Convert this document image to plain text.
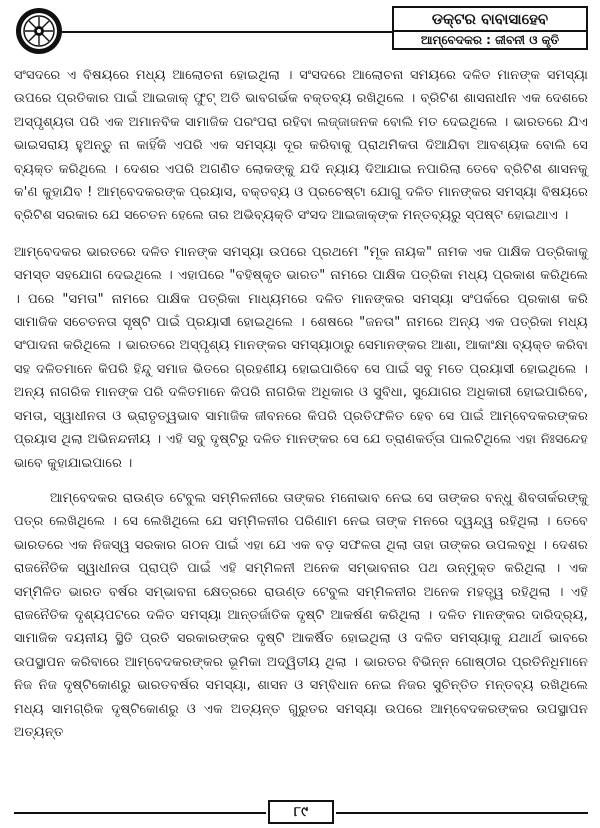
ଡକ୍ଟର ବାବାସାହେବ
ଆମ୍ବେଦକର : ଜୀବନୀ ଓ କୃତି

ସଂସଦରେ ଏ ବିଷୟରେ ମଧ୍ୟ ଆଲୋଚନା ହୋଇଥିଲା । ସଂସଦରେ ଆଲୋଚନା ସମୟରେ ଦଳିତ ମାନଙ୍କ ସମସ୍ୟା ଉପରେ ପ୍ରତିକାର ପାଇଁ ଆଇଜାକ୍ ଫୁଟ୍ ଅତି ଭାବଗର୍ଭକ ବକ୍ତବ୍ୟ ରଖିଥିଲେ । ବ୍ରିଟିଶ ଶାସନାଧୀନ ଏକ ଦେଶରେ ଅସ୍ପୃଶ୍ୟତା ପରି ଏକ ଅମାନବିକ ସାମାଜିକ ପରଂପରା ରହିବା ଲଜ୍ଜାଜନକ ବୋଲି ମତ ଦେଇଥିଲେ । ଭାରତରେ ଯିଏ ଭାଇସରାୟ ହୁଅନ୍ତୁ ନା କାହିଁକି ଏପରି ଏକ ସମସ୍ୟା ଦୂର କରିବାକୁ ପ୍ରାଥମିକତା ଦିଆଯିବା ଆବଶ୍ୟକ ବୋଲି ସେ ବ୍ୟକ୍ତ କରିଥିଲେ । ଦେଶର ଏପରି ଅଗଣିତ ଲୋକଙ୍କୁ ଯଦି ନ୍ୟାୟ ଦିଆଯାଇ ନପାରିଲା ତେବେ ବ୍ରିଟିଶ ଶାସନକୁ କ'ଣ କୁହାଯିବ ! ଆମ୍ବେଦକରଙ୍କ ପ୍ରୟାସ, ବକ୍ତବ୍ୟ ଓ ପ୍ରଚେଷ୍ଟା ଯୋଗୁ ଦଳିତ ମାନଙ୍କର ସମସ୍ୟା ବିଷୟରେ ବ୍ରିଟିଶ ସରକାର ଯେ ସଚେତନ ହେଲେ ତାର ଅଭିବ୍ୟକ୍ତି ସଂସଦ ଆଇଜାକ୍‌ଙ୍କ ମନ୍ତବ୍ୟରୁ ସ୍ପଷ୍ଟ ହୋଇଥାଏ ।

ଆମ୍ବେଦକର ଭାରତରେ ଦଳିତ ମାନଙ୍କ ସମସ୍ୟା ଉପରେ ପ୍ରଥମେ "ମୂକ ନାୟକ" ନାମକ ଏକ ପାକ୍ଷିକ ପତ୍ରିକାକୁ ସମସ୍ତ ସହଯୋଗ ଦେଇଥିଲେ । ଏହାପରେ "ବହିଷ୍କୃତ ଭାରତ" ନାମରେ ପାକ୍ଷିକ ପତ୍ରିକା ମଧ୍ୟ ପ୍ରକାଶ କରିଥିଲେ । ପରେ "ସମତା" ନାମରେ ପାକ୍ଷିକ ପତ୍ରିକା ମାଧ୍ୟମରେ ଦଳିତ ମାନଙ୍କର ସମସ୍ୟା ସଂପର୍କରେ ପ୍ରକାଶ କରି ସାମାଜିକ ସଚେତନତା ସୃଷ୍ଟି ପାଇଁ ପ୍ରୟାସୀ ହୋଇଥିଲେ । ଶେଷରେ "ଜନତା" ନାମରେ ଅନ୍ୟ ଏକ ପତ୍ରିକା ମଧ୍ୟ ସଂପାଦନା କରିଥିଲେ । ଭାରତରେ ଅସ୍ପୃଶ୍ୟ ମାନଙ୍କର ସମସ୍ୟାଠାରୁ ସେମାନଙ୍କର ଆଶା, ଆକାଂକ୍ଷା ବ୍ୟକ୍ତ କରିବା ସହ ଦଳିତମାନେ କିପରି ହିନ୍ଦୁ ସମାଜ ଭିତରେ ଗ୍ରହଣୀୟ ହୋଇପାରିବେ ସେ ପାଇଁ ସବୁ ମତେ ପ୍ରୟାସୀ ହୋଇଥିଲେ । ଅନ୍ୟ ନାଗରିକ ମାନଙ୍କ ପରି ଦଳିତମାନେ କିପରି ନାଗରିକ ଅଧିକାର ଓ ସୁବିଧା, ସୁଯୋଗର ଅଧିକାରୀ ହୋଇପାରିବେ, ସମତା, ସ୍ୱାଧୀନତା ଓ ଭ୍ରାତୃତ୍ୱଭାବ ସାମାଜିକ ଜୀବନରେ କିପରି ପ୍ରତିଫଳିତ ହେବ ସେ ପାଇଁ ଆମ୍ବେଦକରଙ୍କର ପ୍ରୟାସ ଥିଲା ଅଭିନନ୍ଦନୀୟ । ଏହି ସବୁ ଦୃଷ୍ଟିରୁ ଦଳିତ ମାନଙ୍କର ସେ ଯେ ତ୍ରାଣକର୍ତ୍ତା ପାଲଟିଥିଲେ ଏହା ନିଃସନ୍ଦେହ ଭାବେ କୁହାଯାଇପାରେ ।

ଆମ୍ବେଦକର ରାଉଣ୍ଡ ଟେବୁଲ ସମ୍ମିଳନୀରେ ତାଙ୍କର ମନୋଭାବ ନେଇ ସେ ତାଙ୍କର ବନ୍ଧୁ ଶିବତାର୍କରଙ୍କୁ ପତ୍ର ଲେଖିଥିଲେ । ସେ ଲେଖିଥିଲେ ଯେ ସମ୍ମିଳନୀର ପରିଣାମ ନେଇ ତାଙ୍କ ମନରେ ଦ୍ୱନ୍ଦ୍ୱ ରହିଥିଲା । ତେବେ ଭାରତରେ ଏକ ନିଜସ୍ୱ ସରକାର ଗଠନ ପାଇଁ ଏହା ଯେ ଏକ ବଡ଼ ସଫଳତା ଥିଲା ତାହା ତାଙ୍କର ଉପଲବ୍ଧି । ଦେଶର ରାଜନୈତିକ ସ୍ୱାଧୀନତା ପ୍ରାପ୍ତି ପାଇଁ ଏହି ସମ୍ମିଳନୀ ଅନେକ ସମ୍ଭାବନାର ପଥ ଉନ୍ମୁକ୍ତ କରିଥିଲା । ଏକ ସମ୍ମିଳିତ ଭାରତ ବର୍ଷର ସମ୍ଭାବନା କ୍ଷେତ୍ରରେ ରାଉଣ୍ଡ ଟେବୁଲ ସମ୍ମିଳନୀର ଅନେକ ମହତ୍ତ୍ୱ ରହିଥିଲା । ଏହି ରାଜନୈତିକ ଦୃଶ୍ୟପଟରେ ଦଳିତ ସମସ୍ୟା ଆନ୍ତର୍ଜାତିକ ଦୃଷ୍ଟି ଆକର୍ଷଣ କରିଥିଲା । ଦଳିତ ମାନଙ୍କର ଦାରିଦ୍ର୍ୟ, ସାମାଜିକ ଦୟନୀୟ ସ୍ଥିତି ପ୍ରତି ସରକାରଙ୍କର ଦୃଷ୍ଟି ଆକର୍ଷିତ ହୋଇଥିଲା ଓ ଦଳିତ ସମସ୍ୟାକୁ ଯଥାର୍ଥ ଭାବରେ ଉପସ୍ଥାପନ କରିବାରେ ଆମ୍ବେଦକରଙ୍କର ଭୂମିକା ଅଦ୍ୱିତୀୟ ଥିଲା । ଭାରତର ବିଭିନ୍ନ ଗୋଷ୍ଠୀର ପ୍ରତିନିଧିମାନେ ନିଜ ନିଜ ଦୃଷ୍ଟିକୋଣରୁ ଭାରତବର୍ଷର ସମସ୍ୟା, ଶାସନ ଓ ସମ୍ବିଧାନ ନେଇ ନିଜର ସୁଚିନ୍ତିତ ମନ୍ତବ୍ୟ ରଖିଥିଲେ ମଧ୍ୟ ସାମଗ୍ରିକ ଦୃଷ୍ଟିକୋଣରୁ ଓ ଏକ ଅତ୍ୟନ୍ତ ଗୁରୁତର ସମସ୍ୟା ଉପରେ ଆମ୍ବେଦକରଙ୍କର ଉପସ୍ଥାପନ ଅତ୍ୟନ୍ତ

୮୯
